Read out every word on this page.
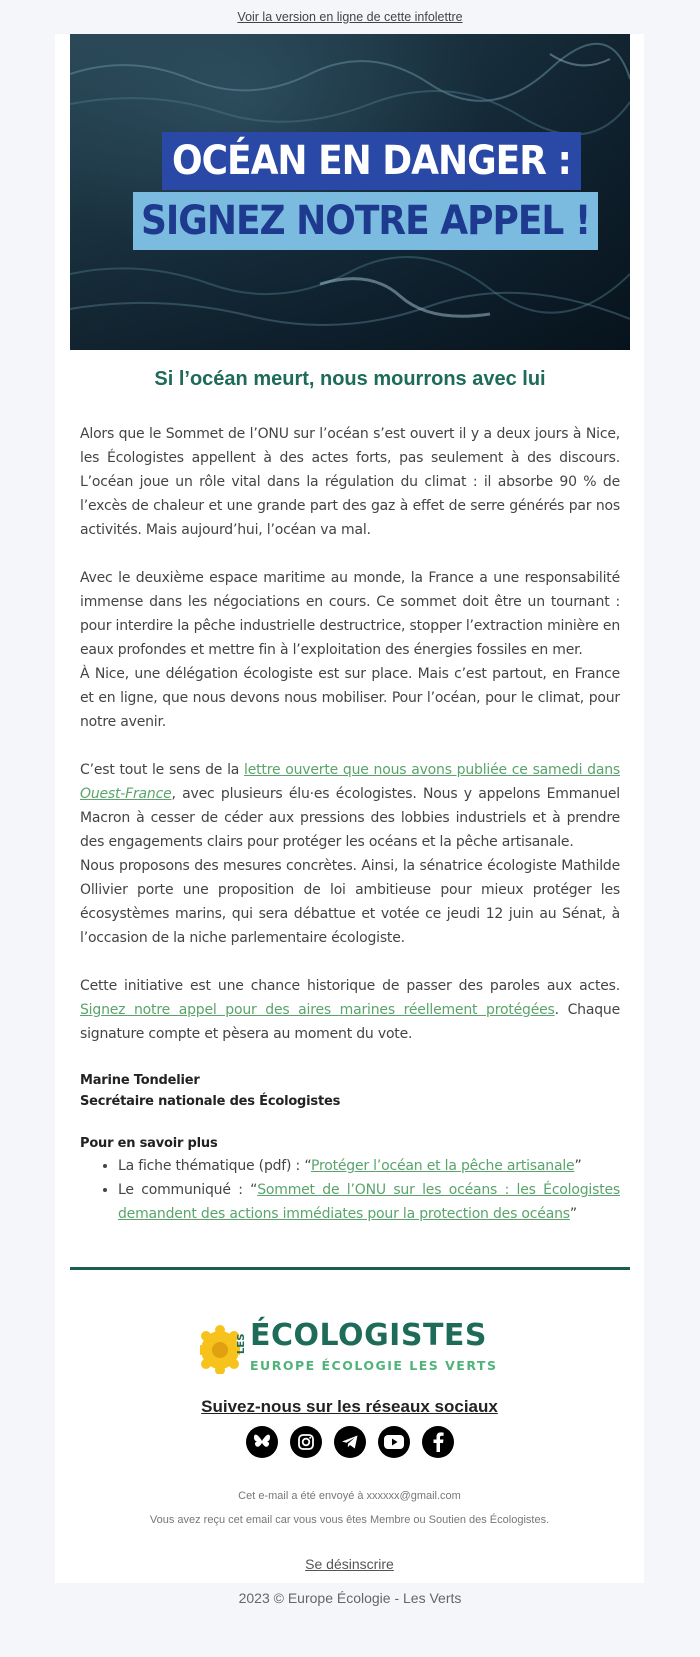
Voir la version en ligne de cette infolettre
OCÉAN EN DANGER :
SIGNEZ NOTRE APPEL !
Si l’océan meurt, nous mourrons avec lui

Alors que le Sommet de l’ONU sur l’océan s’est ouvert il y a deux jours à Nice, les Écologistes appellent à des actes forts, pas seulement à des discours. L’océan joue un rôle vital dans la régulation du climat : il absorbe 90 % de l’excès de chaleur et une grande part des gaz à effet de serre générés par nos activités. Mais aujourd’hui, l’océan va mal.

Avec le deuxième espace maritime au monde, la France a une responsabilité immense dans les négociations en cours. Ce sommet doit être un tournant : pour interdire la pêche industrielle destructrice, stopper l’extraction minière en eaux profondes et mettre fin à l’exploitation des énergies fossiles en mer.
À Nice, une délégation écologiste est sur place. Mais c’est partout, en France et en ligne, que nous devons nous mobiliser. Pour l’océan, pour le climat, pour notre avenir.

C’est tout le sens de la lettre ouverte que nous avons publiée ce samedi dans Ouest-France, avec plusieurs élu·es écologistes. Nous y appelons Emmanuel Macron à cesser de céder aux pressions des lobbies industriels et à prendre des engagements clairs pour protéger les océans et la pêche artisanale.
Nous proposons des mesures concrètes. Ainsi, la sénatrice écologiste Mathilde Ollivier porte une proposition de loi ambitieuse pour mieux protéger les écosystèmes marins, qui sera débattue et votée ce jeudi 12 juin au Sénat, à l’occasion de la niche parlementaire écologiste.

Cette initiative est une chance historique de passer des paroles aux actes. Signez notre appel pour des aires marines réellement protégées. Chaque signature compte et pèsera au moment du vote.

Marine Tondelier
Secrétaire nationale des Écologistes
Pour en savoir plus
• La fiche thématique (pdf) : “Protéger l’océan et la pêche artisanale”
• Le communiqué : “Sommet de l’ONU sur les océans : les Écologistes demandent des actions immédiates pour la protection des océans”
LES ÉCOLOGISTES
EUROPE ÉCOLOGIE LES VERTS
Suivez-nous sur les réseaux sociaux
Cet e-mail a été envoyé à xxxxxx@gmail.com
Vous avez reçu cet email car vous vous êtes Membre ou Soutien des Écologistes.
Se désinscrire
2023 © Europe Écologie - Les Verts
